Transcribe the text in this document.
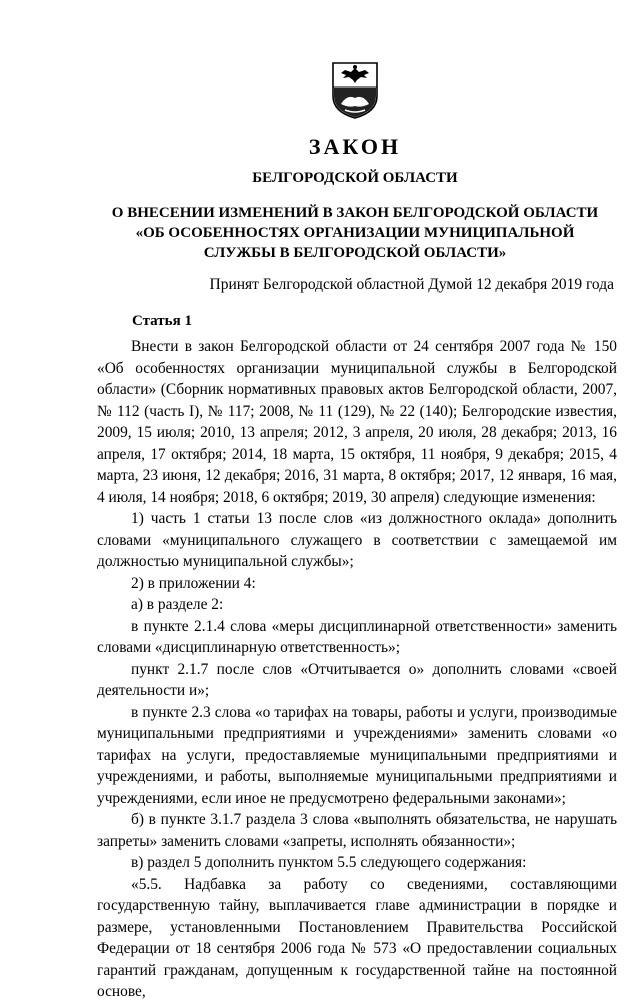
ЗАКОН
БЕЛГОРОДСКОЙ ОБЛАСТИ
О ВНЕСЕНИИ ИЗМЕНЕНИЙ В ЗАКОН БЕЛГОРОДСКОЙ ОБЛАСТИ
«ОБ ОСОБЕННОСТЯХ ОРГАНИЗАЦИИ МУНИЦИПАЛЬНОЙ
СЛУЖБЫ В БЕЛГОРОДСКОЙ ОБЛАСТИ»
Принят Белгородской областной Думой 12 декабря 2019 года
Статья 1

Внести в закон Белгородской области от 24 сентября 2007 года № 150 «Об особенностях организации муниципальной службы в Белгородской области» (Сборник нормативных правовых актов Белгородской области, 2007, № 112 (часть I), № 117; 2008, № 11 (129), № 22 (140); Белгородские известия, 2009, 15 июля; 2010, 13 апреля; 2012, 3 апреля, 20 июля, 28 декабря; 2013, 16 апреля, 17 октября; 2014, 18 марта, 15 октября, 11 ноября, 9 декабря; 2015, 4 марта, 23 июня, 12 декабря; 2016, 31 марта, 8 октября; 2017, 12 января, 16 мая, 4 июля, 14 ноября; 2018, 6 октября; 2019, 30 апреля) следующие изменения:

1) часть 1 статьи 13 после слов «из должностного оклада» дополнить словами «муниципального служащего в соответствии с замещаемой им должностью муниципальной службы»;

2) в приложении 4:

а) в разделе 2:

в пункте 2.1.4 слова «меры дисциплинарной ответственности» заменить словами «дисциплинарную ответственность»;

пункт 2.1.7 после слов «Отчитывается о» дополнить словами «своей деятельности и»;

в пункте 2.3 слова «о тарифах на товары, работы и услуги, производимые муниципальными предприятиями и учреждениями» заменить словами «о тарифах на услуги, предоставляемые муниципальными предприятиями и учреждениями, и работы, выполняемые муниципальными предприятиями и учреждениями, если иное не предусмотрено федеральными законами»;

б) в пункте 3.1.7 раздела 3 слова «выполнять обязательства, не нарушать запреты» заменить словами «запреты, исполнять обязанности»;

в) раздел 5 дополнить пунктом 5.5 следующего содержания:

«5.5. Надбавка за работу со сведениями, составляющими государственную тайну, выплачивается главе администрации в порядке и размере, установленными Постановлением Правительства Российской Федерации от 18 сентября 2006 года № 573 «О предоставлении социальных гарантий гражданам, допущенным к государственной тайне на постоянной основе,
